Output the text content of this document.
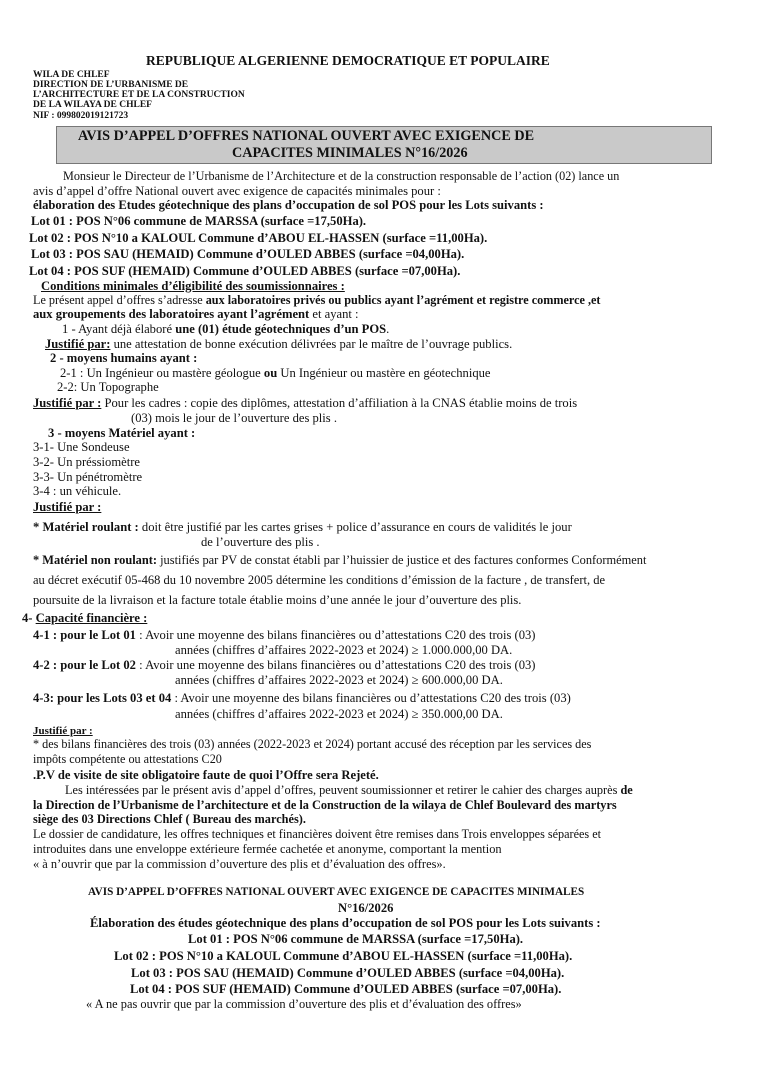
REPUBLIQUE ALGERIENNE DEMOCRATIQUE ET POPULAIRE
WILA DE CHLEF
DIRECTION DE L’URBANISME DE
L’ARCHITECTURE ET DE LA CONSTRUCTION
DE LA WILAYA DE CHLEF
NIF : 099802019121723
AVIS D’APPEL D’OFFRES NATIONAL OUVERT AVEC EXIGENCE DE
CAPACITES MINIMALES N°16/2026
Monsieur le Directeur de l’Urbanisme de l’Architecture et de la construction responsable de l’action (02) lance un
avis d’appel d’offre National ouvert avec exigence de capacités minimales pour :
élaboration des Etudes géotechnique des plans d’occupation de sol POS pour les Lots suivants :
Lot 01 : POS N°06 commune de MARSSA (surface =17,50Ha).
Lot 02 : POS N°10 a KALOUL Commune d’ABOU EL-HASSEN (surface =11,00Ha).
Lot 03 : POS SAU (HEMAID) Commune d’OULED ABBES (surface =04,00Ha).
Lot 04 : POS SUF (HEMAID) Commune d’OULED ABBES (surface =07,00Ha).
Conditions minimales d’éligibilité des soumissionnaires :
Le présent appel d’offres s’adresse aux laboratoires privés ou publics ayant l’agrément et registre commerce ,et
aux groupements des laboratoires ayant l’agrément et ayant :
1 - Ayant déjà élaboré une (01) étude géotechniques d’un POS.
Justifié par: une attestation de bonne exécution délivrées par le maître de l’ouvrage publics.
2 - moyens humains ayant :
2-1 : Un Ingénieur ou mastère géologue ou Un Ingénieur ou mastère en géotechnique
2-2: Un Topographe
Justifié par : Pour les cadres : copie des diplômes, attestation d’affiliation à la CNAS établie moins de trois
(03) mois le jour de l’ouverture des plis .
3 - moyens Matériel ayant :
3-1- Une Sondeuse
3-2- Un préssiomètre
3-3- Un pénétromètre
3-4 : un véhicule.
Justifié par :
* Matériel roulant : doit être justifié par les cartes grises + police d’assurance en cours de validités le jour
de l’ouverture des plis .
* Matériel non roulant: justifiés par PV de constat établi par l’huissier de justice et des factures conformes Conformément
au décret exécutif 05-468 du 10 novembre 2005 détermine les conditions d’émission de la facture , de transfert, de
poursuite de la livraison et la facture totale établie moins d’une année le jour d’ouverture des plis.
4- Capacité financière :
4-1 : pour le Lot 01 : Avoir une moyenne des bilans financières ou d’attestations C20 des trois (03)
années (chiffres d’affaires 2022-2023 et 2024) ≥ 1.000.000,00 DA.
4-2 : pour le Lot 02 : Avoir une moyenne des bilans financières ou d’attestations C20 des trois (03)
années (chiffres d’affaires 2022-2023 et 2024) ≥ 600.000,00 DA.
4-3: pour les Lots 03 et 04 : Avoir une moyenne des bilans financières ou d’attestations C20 des trois (03)
années (chiffres d’affaires 2022-2023 et 2024) ≥ 350.000,00 DA.
Justifié par :
* des bilans financières des trois (03) années (2022-2023 et 2024) portant accusé des réception par les services des
impôts compétente ou attestations C20
.P.V de visite de site obligatoire faute de quoi l’Offre sera Rejeté.
Les intéressées par le présent avis d’appel d’offres, peuvent soumissionner et retirer le cahier des charges auprès de
la Direction de l’Urbanisme de l’architecture et de la Construction de la wilaya de Chlef Boulevard des martyrs
siège des 03 Directions Chlef ( Bureau des marchés).
Le dossier de candidature, les offres techniques et financières doivent être remises dans Trois enveloppes séparées et
introduites dans une enveloppe extérieure fermée cachetée et anonyme, comportant la mention
« à n’ouvrir que par la commission d’ouverture des plis et d’évaluation des offres».
AVIS D’APPEL D’OFFRES NATIONAL OUVERT AVEC EXIGENCE DE CAPACITES MINIMALES
N°16/2026
Élaboration des études géotechnique des plans d’occupation de sol POS pour les Lots suivants :
Lot 01 : POS N°06 commune de MARSSA (surface =17,50Ha).
Lot 02 : POS N°10 a KALOUL Commune d’ABOU EL-HASSEN (surface =11,00Ha).
Lot 03 : POS SAU (HEMAID) Commune d’OULED ABBES (surface =04,00Ha).
Lot 04 : POS SUF (HEMAID) Commune d’OULED ABBES (surface =07,00Ha).
« A ne pas ouvrir que par la commission d’ouverture des plis et d’évaluation des offres»
